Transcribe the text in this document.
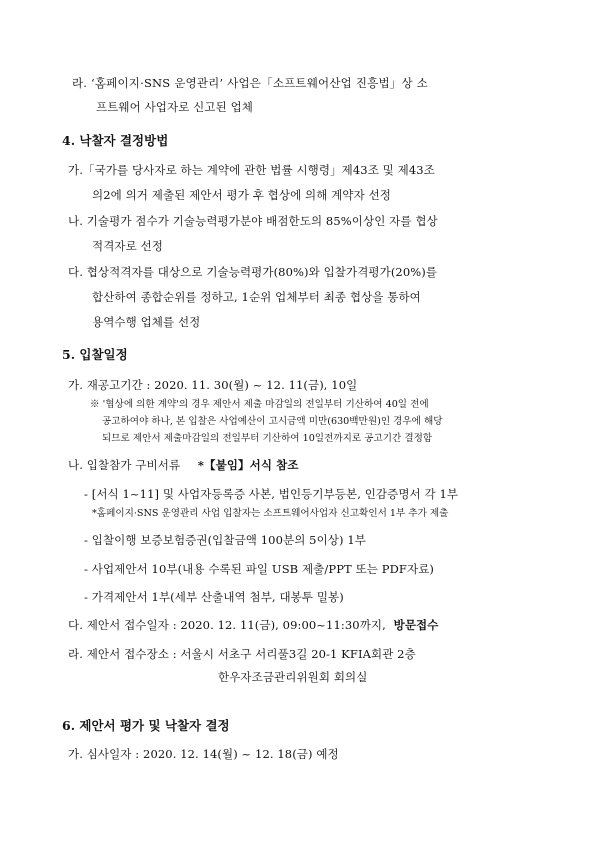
라. ‘홈페이지·SNS 운영관리’ 사업은「소프트웨어산업 진흥법」상 소
프트웨어 사업자로 신고된 업체
4. 낙찰자 결정방법
가.「국가를 당사자로 하는 계약에 관한 법률 시행령」제43조 및 제43조
의2에 의거 제출된 제안서 평가 후 협상에 의해 계약자 선정
나. 기술평가 점수가 기술능력평가분야 배점한도의 85%이상인 자를 협상
적격자로 선정
다. 협상적격자를 대상으로 기술능력평가(80%)와 입찰가격평가(20%)를
합산하여 종합순위를 정하고, 1순위 업체부터 최종 협상을 통하여
용역수행 업체를 선정
5. 입찰일정
가. 재공고기간 : 2020. 11. 30(월) ~ 12. 11(금), 10일
※ '협상에 의한 계약'의 경우 제안서 제출 마감일의 전일부터 기산하여 40일 전에
공고하여야 하나, 본 입찰은 사업예산이 고시금액 미만(630백만원)인 경우에 해당
되므로 제안서 제출마감일의 전일부터 기산하여 10일전까지로 공고기간 결정함
나. 입찰참가 구비서류 *【붙임】서식 참조
- [서식 1~11] 및 사업자등록증 사본, 법인등기부등본, 인감증명서 각 1부
*홈페이지·SNS 운영관리 사업 입찰자는 소프트웨어사업자 신고확인서 1부 추가 제출
- 입찰이행 보증보험증권(입찰금액 100분의 5이상) 1부
- 사업제안서 10부(내용 수록된 파일 USB 제출/PPT 또는 PDF자료)
- 가격제안서 1부(세부 산출내역 첨부, 대봉투 밀봉)
다. 제안서 접수일자 : 2020. 12. 11(금), 09:00~11:30까지, 방문접수
라. 제안서 접수장소 : 서울시 서초구 서리풀3길 20-1 KFIA회관 2층
한우자조금관리위원회 회의실
6. 제안서 평가 및 낙찰자 결정
가. 심사일자 : 2020. 12. 14(월) ~ 12. 18(금) 예정
